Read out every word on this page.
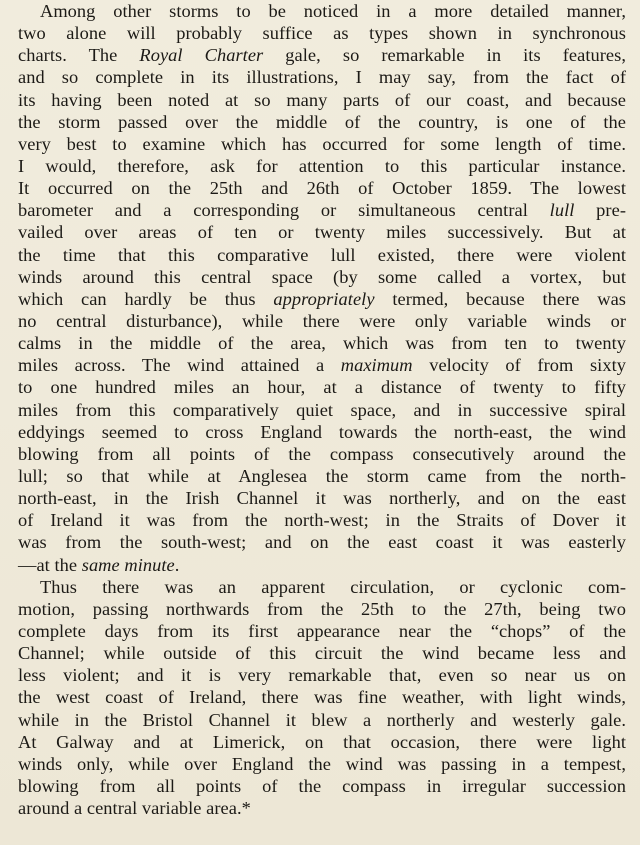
Among other storms to be noticed in a more detailed manner,
two alone will probably suffice as types shown in synchronous
charts. The Royal Charter gale, so remarkable in its features,
and so complete in its illustrations, I may say, from the fact of
its having been noted at so many parts of our coast, and because
the storm passed over the middle of the country, is one of the
very best to examine which has occurred for some length of time.
I would, therefore, ask for attention to this particular instance.
It occurred on the 25th and 26th of October 1859. The lowest
barometer and a corresponding or simultaneous central lull pre-
vailed over areas of ten or twenty miles successively. But at
the time that this comparative lull existed, there were violent
winds around this central space (by some called a vortex, but
which can hardly be thus appropriately termed, because there was
no central disturbance), while there were only variable winds or
calms in the middle of the area, which was from ten to twenty
miles across. The wind attained a maximum velocity of from sixty
to one hundred miles an hour, at a distance of twenty to fifty
miles from this comparatively quiet space, and in successive spiral
eddyings seemed to cross England towards the north-east, the wind
blowing from all points of the compass consecutively around the
lull; so that while at Anglesea the storm came from the north-
north-east, in the Irish Channel it was northerly, and on the east
of Ireland it was from the north-west; in the Straits of Dover it
was from the south-west; and on the east coast it was easterly
—at the same minute.
Thus there was an apparent circulation, or cyclonic com-
motion, passing northwards from the 25th to the 27th, being two
complete days from its first appearance near the “chops” of the
Channel; while outside of this circuit the wind became less and
less violent; and it is very remarkable that, even so near us on
the west coast of Ireland, there was fine weather, with light winds,
while in the Bristol Channel it blew a northerly and westerly gale.
At Galway and at Limerick, on that occasion, there were light
winds only, while over England the wind was passing in a tempest,
blowing from all points of the compass in irregular succession
around a central variable area.*
